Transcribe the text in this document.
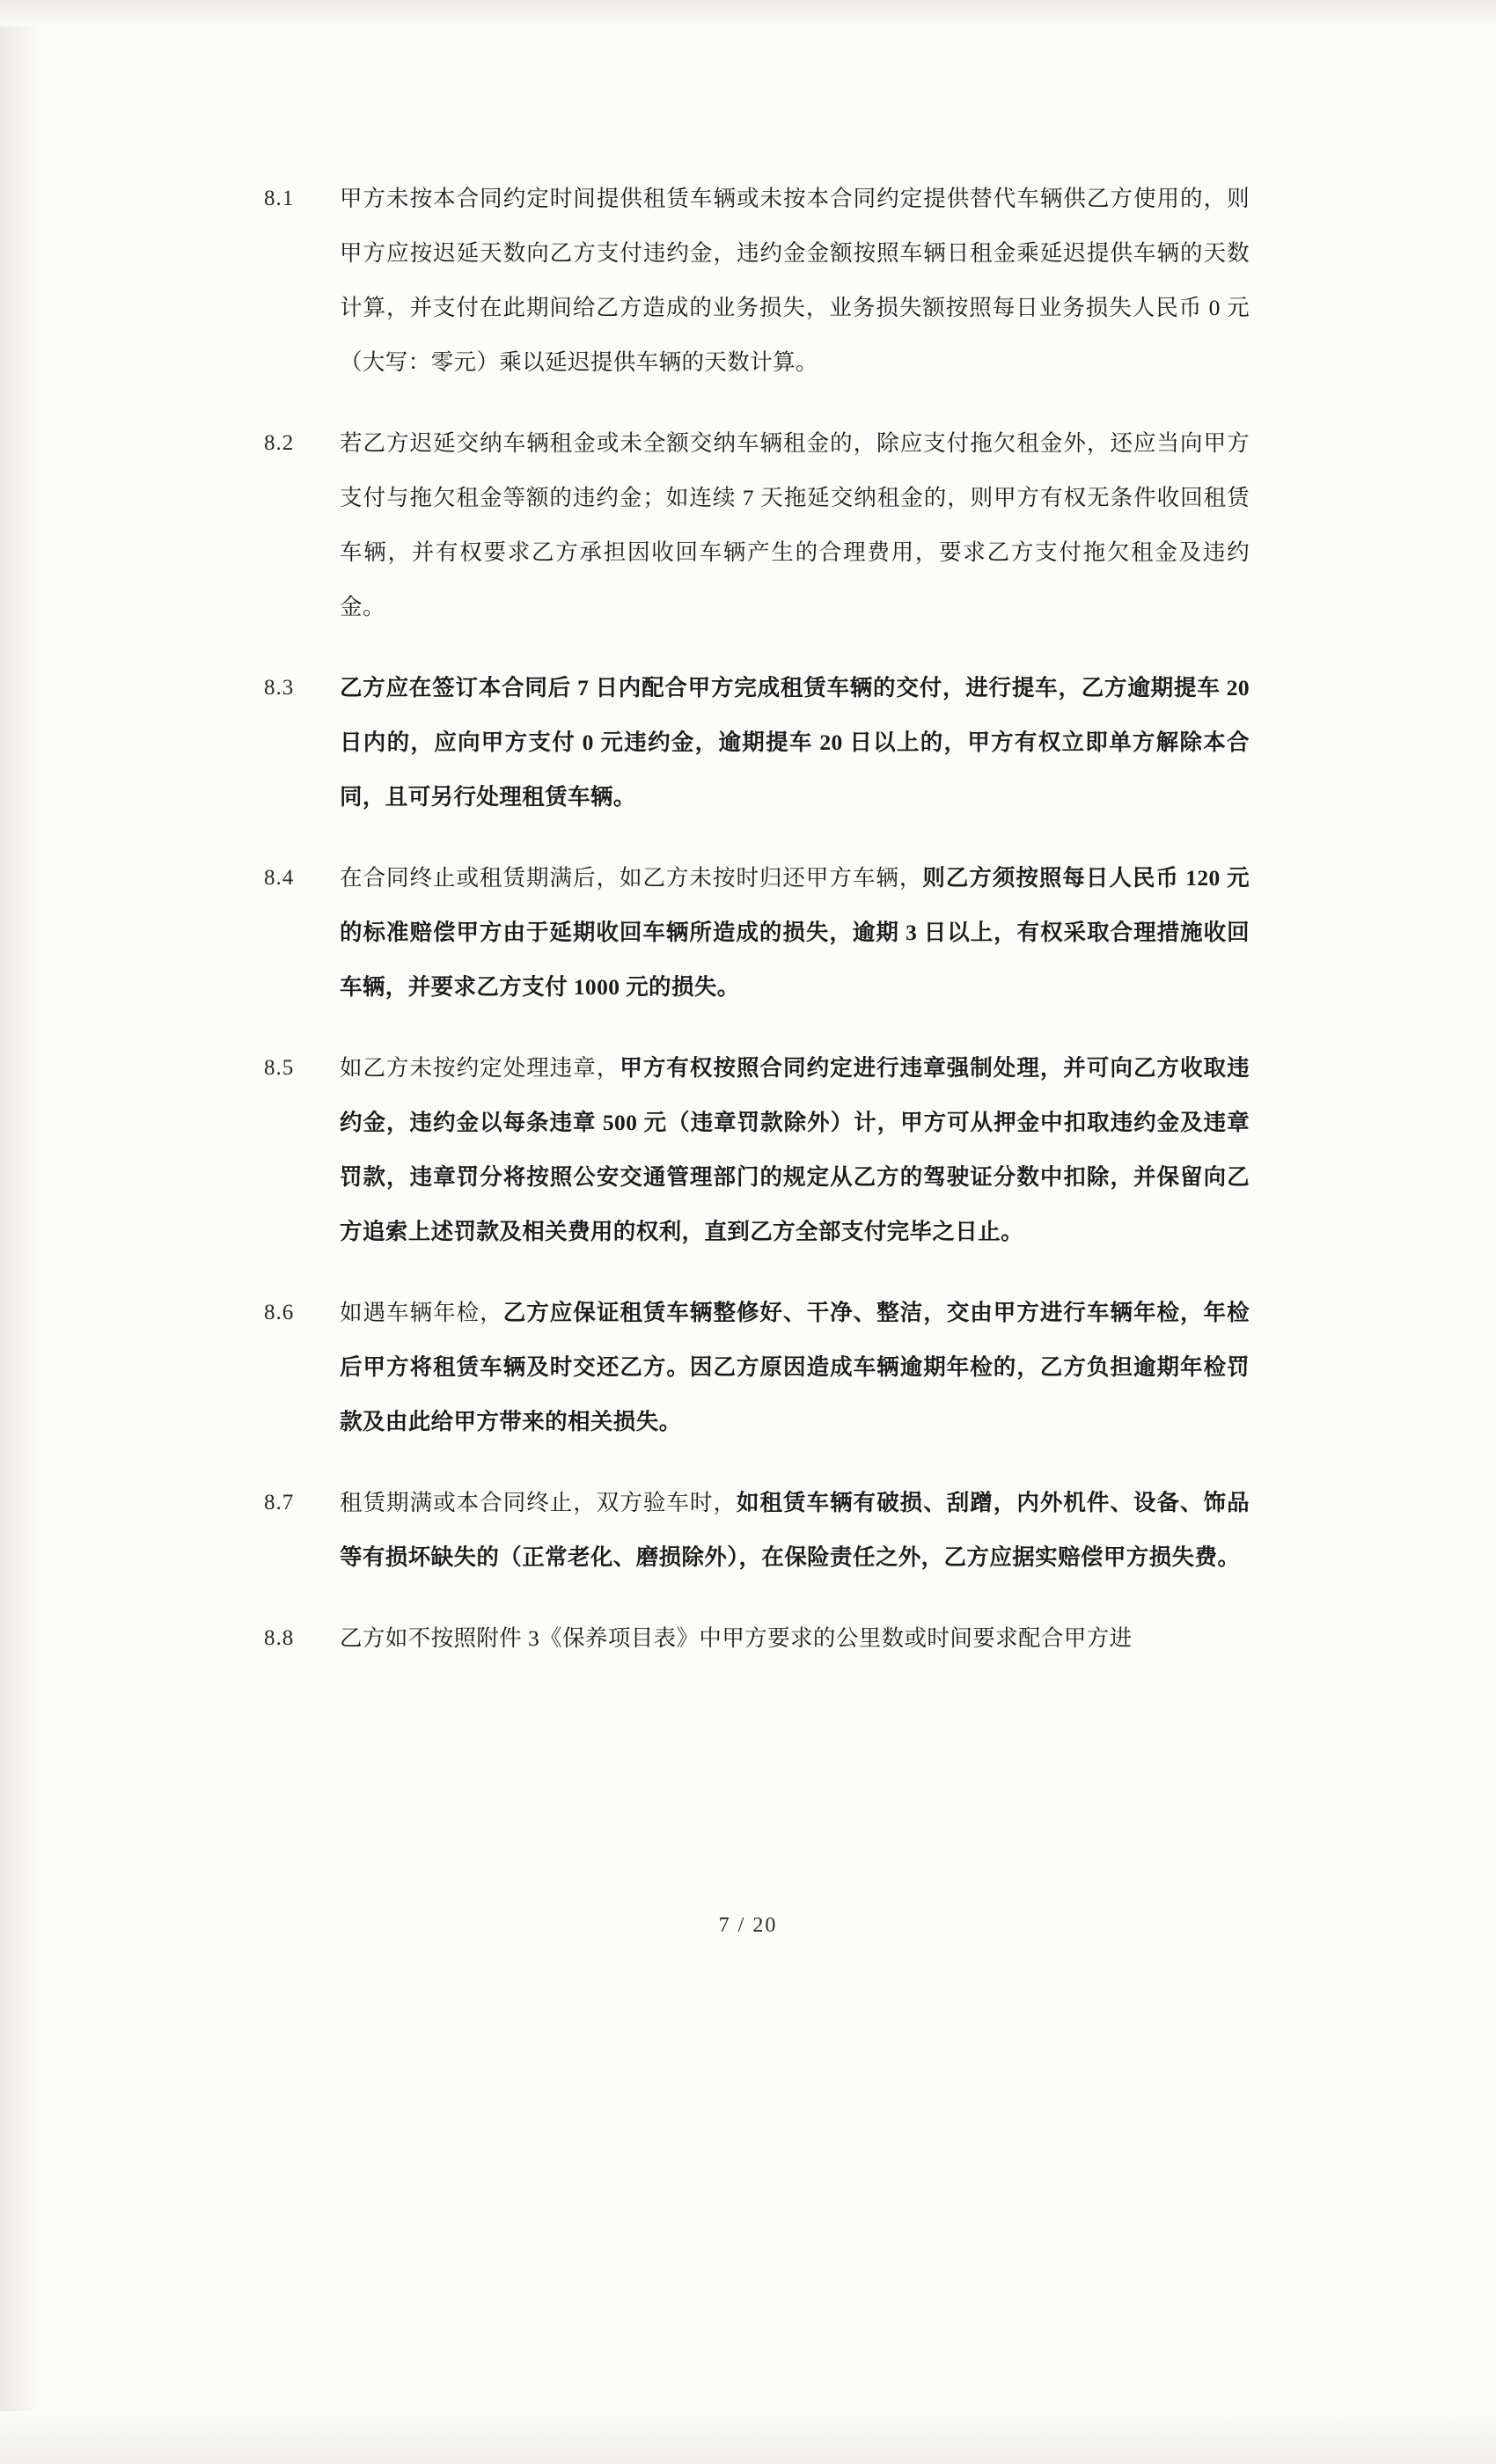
8.1	甲方未按本合同约定时间提供租赁车辆或未按本合同约定提供替代车辆供乙方使用的，则甲方应按迟延天数向乙方支付违约金，违约金金额按照车辆日租金乘延迟提供车辆的天数计算，并支付在此期间给乙方造成的业务损失，业务损失额按照每日业务损失人民币 0 元（大写：零元）乘以延迟提供车辆的天数计算。
8.2	若乙方迟延交纳车辆租金或未全额交纳车辆租金的，除应支付拖欠租金外，还应当向甲方支付与拖欠租金等额的违约金；如连续 7 天拖延交纳租金的，则甲方有权无条件收回租赁车辆，并有权要求乙方承担因收回车辆产生的合理费用，要求乙方支付拖欠租金及违约金。
8.3	乙方应在签订本合同后 7 日内配合甲方完成租赁车辆的交付，进行提车，乙方逾期提车 20 日内的，应向甲方支付 0 元违约金，逾期提车 20 日以上的，甲方有权立即单方解除本合同，且可另行处理租赁车辆。
8.4	在合同终止或租赁期满后，如乙方未按时归还甲方车辆，则乙方须按照每日人民币 120 元的标准赔偿甲方由于延期收回车辆所造成的损失，逾期 3 日以上，有权采取合理措施收回车辆，并要求乙方支付 1000 元的损失。
8.5	如乙方未按约定处理违章，甲方有权按照合同约定进行违章强制处理，并可向乙方收取违约金，违约金以每条违章 500 元（违章罚款除外）计，甲方可从押金中扣取违约金及违章罚款，违章罚分将按照公安交通管理部门的规定从乙方的驾驶证分数中扣除，并保留向乙方追索上述罚款及相关费用的权利，直到乙方全部支付完毕之日止。
8.6	如遇车辆年检，乙方应保证租赁车辆整修好、干净、整洁，交由甲方进行车辆年检，年检后甲方将租赁车辆及时交还乙方。因乙方原因造成车辆逾期年检的，乙方负担逾期年检罚款及由此给甲方带来的相关损失。
8.7	租赁期满或本合同终止，双方验车时，如租赁车辆有破损、刮蹭，内外机件、设备、饰品等有损坏缺失的（正常老化、磨损除外），在保险责任之外，乙方应据实赔偿甲方损失费。
8.8	乙方如不按照附件 3《保养项目表》中甲方要求的公里数或时间要求配合甲方进
7 / 20
